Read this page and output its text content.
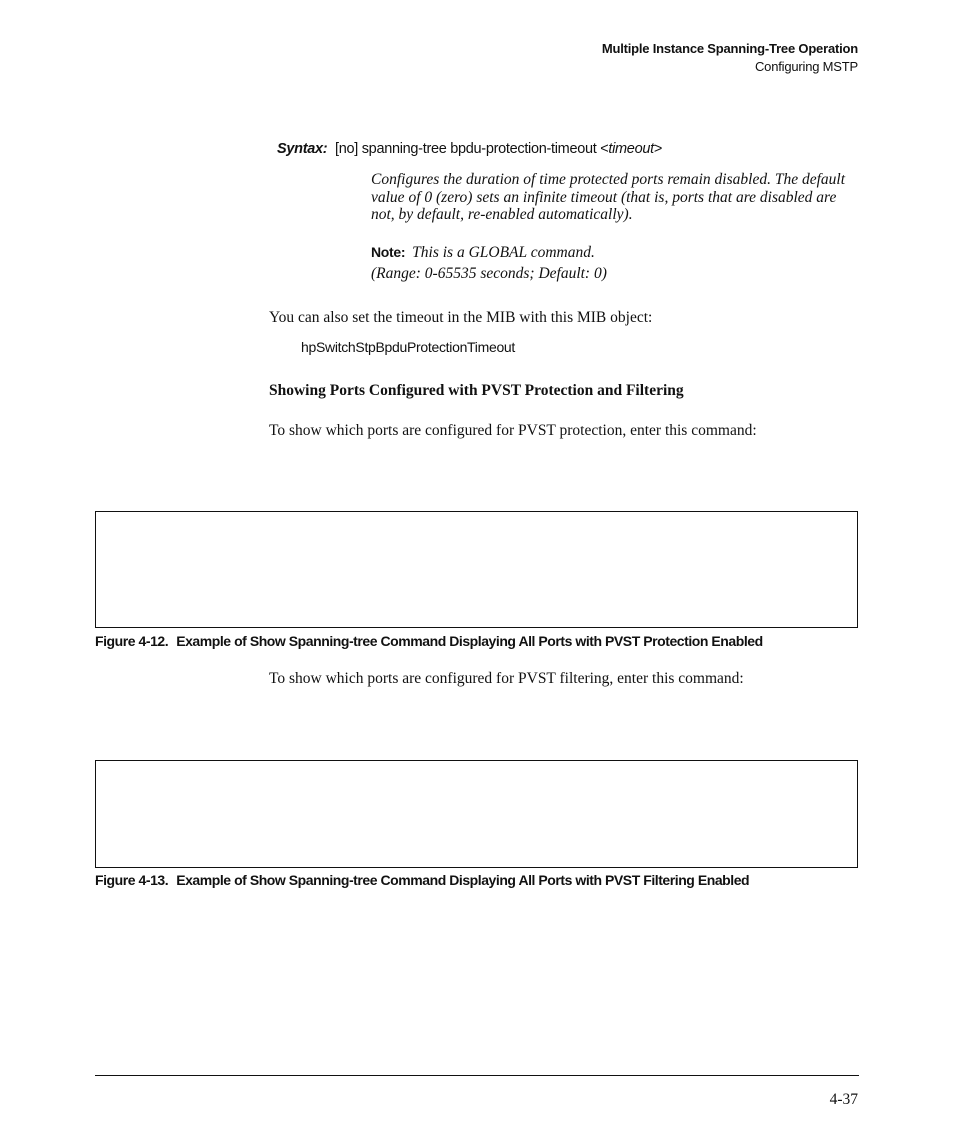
Multiple Instance Spanning-Tree Operation
Configuring MSTP
Syntax: [no] spanning-tree bpdu-protection-timeout <timeout>
Configures the duration of time protected ports remain disabled. The default value of 0 (zero) sets an infinite timeout (that is, ports that are disabled are not, by default, re-enabled automatically).
Note: This is a GLOBAL command.
(Range: 0-65535 seconds; Default: 0)
You can also set the timeout in the MIB with this MIB object:
hpSwitchStpBpduProtectionTimeout
Showing Ports Configured with PVST Protection and Filtering
To show which ports are configured for PVST protection, enter this command:
Figure 4-12. Example of Show Spanning-tree Command Displaying All Ports with PVST Protection Enabled
To show which ports are configured for PVST filtering, enter this command:
Figure 4-13. Example of Show Spanning-tree Command Displaying All Ports with PVST Filtering Enabled
4-37
